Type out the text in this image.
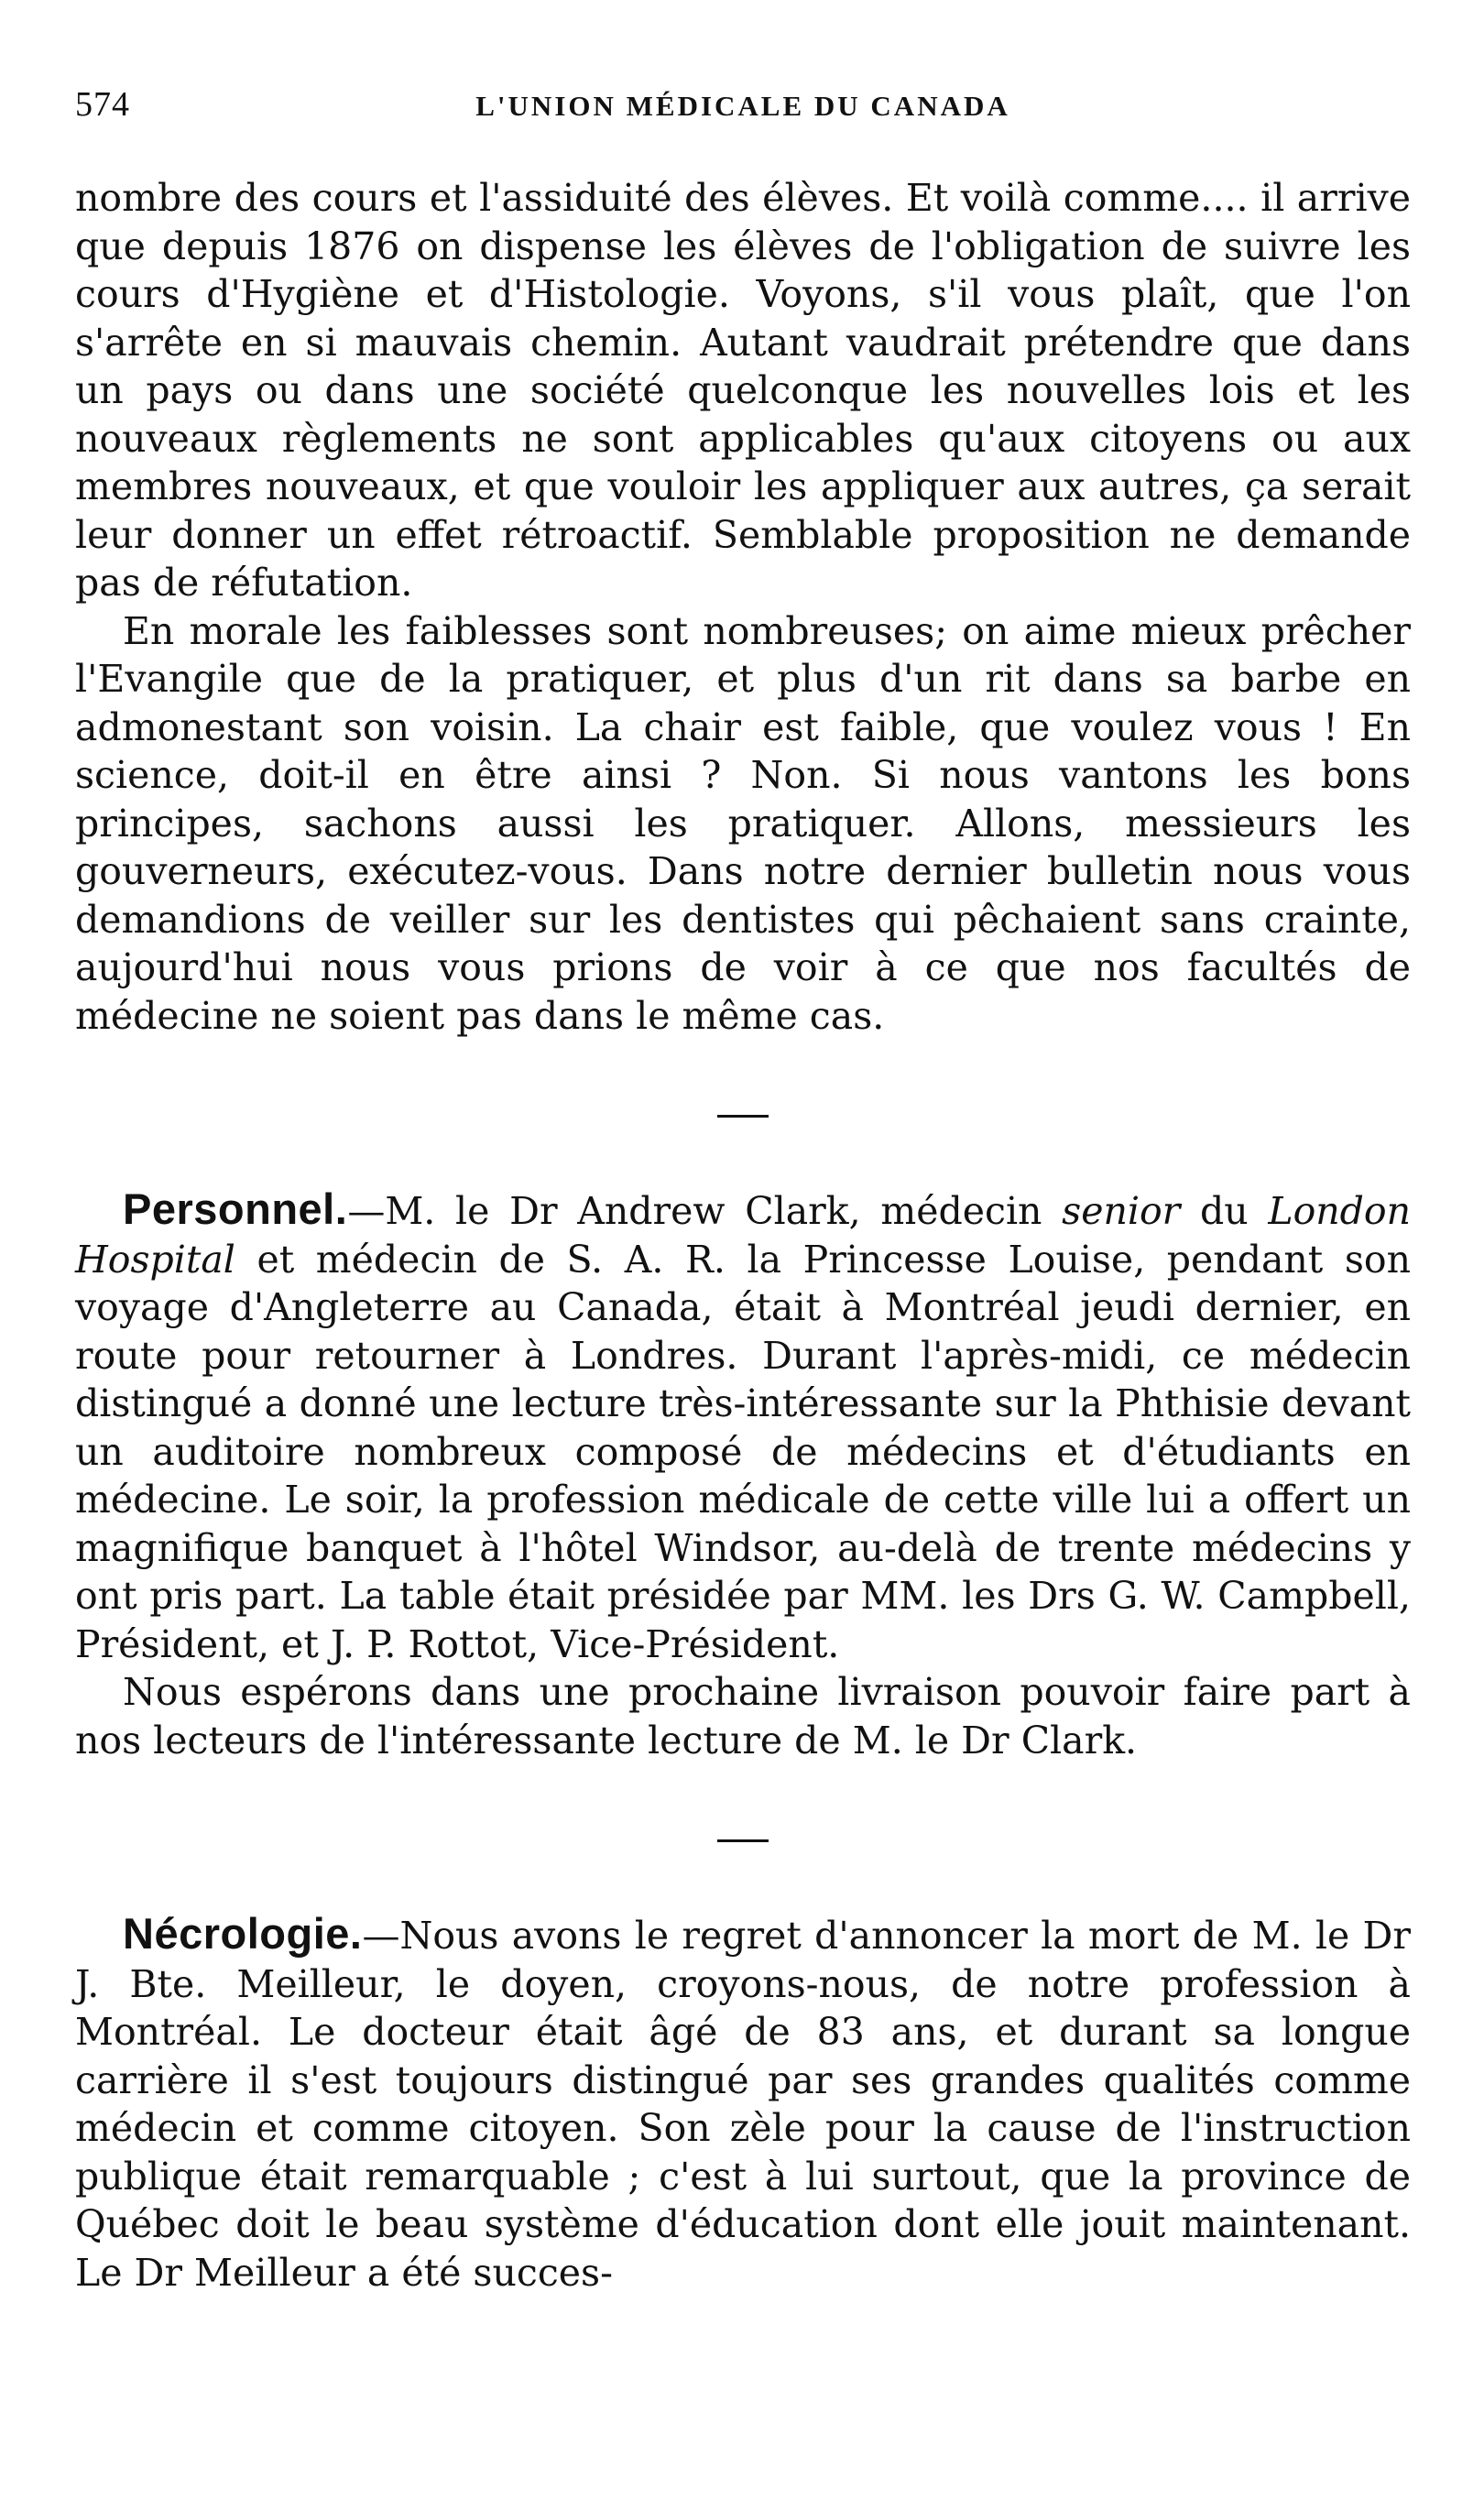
574	L'UNION MÉDICALE DU CANADA

nombre des cours et l'assiduité des élèves. Et voilà comme.... il arrive que depuis 1876 on dispense les élèves de l'obligation de suivre les cours d'Hygiène et d'Histologie. Voyons, s'il vous plaît, que l'on s'arrête en si mauvais chemin. Autant vaudrait prétendre que dans un pays ou dans une société quelconque les nouvelles lois et les nouveaux règlements ne sont applicables qu'aux citoyens ou aux membres nouveaux, et que vouloir les appliquer aux autres, ça serait leur donner un effet rétroactif. Semblable proposition ne demande pas de réfutation.

En morale les faiblesses sont nombreuses; on aime mieux prêcher l'Evangile que de la pratiquer, et plus d'un rit dans sa barbe en admonestant son voisin. La chair est faible, que voulez vous ! En science, doit-il en être ainsi ? Non. Si nous vantons les bons principes, sachons aussi les pratiquer. Allons, messieurs les gouverneurs, exécutez-vous. Dans notre dernier bulletin nous vous demandions de veiller sur les dentistes qui pêchaient sans crainte, aujourd'hui nous vous prions de voir à ce que nos facultés de médecine ne soient pas dans le même cas.

Personnel.—M. le Dr Andrew Clark, médecin senior du London Hospital et médecin de S. A. R. la Princesse Louise, pendant son voyage d'Angleterre au Canada, était à Montréal jeudi dernier, en route pour retourner à Londres. Durant l'après-midi, ce médecin distingué a donné une lecture très-intéressante sur la Phthisie devant un auditoire nombreux composé de médecins et d'étudiants en médecine. Le soir, la profession médicale de cette ville lui a offert un magnifique banquet à l'hôtel Windsor, au-delà de trente médecins y ont pris part. La table était présidée par MM. les Drs G. W. Campbell, Président, et J. P. Rottot, Vice-Président.

Nous espérons dans une prochaine livraison pouvoir faire part à nos lecteurs de l'intéressante lecture de M. le Dr Clark.

Nécrologie.—Nous avons le regret d'annoncer la mort de M. le Dr J. Bte. Meilleur, le doyen, croyons-nous, de notre profession à Montréal. Le docteur était âgé de 83 ans, et durant sa longue carrière il s'est toujours distingué par ses grandes qualités comme médecin et comme citoyen. Son zèle pour la cause de l'instruction publique était remarquable ; c'est à lui surtout, que la province de Québec doit le beau système d'éducation dont elle jouit maintenant. Le Dr Meilleur a été succes-
